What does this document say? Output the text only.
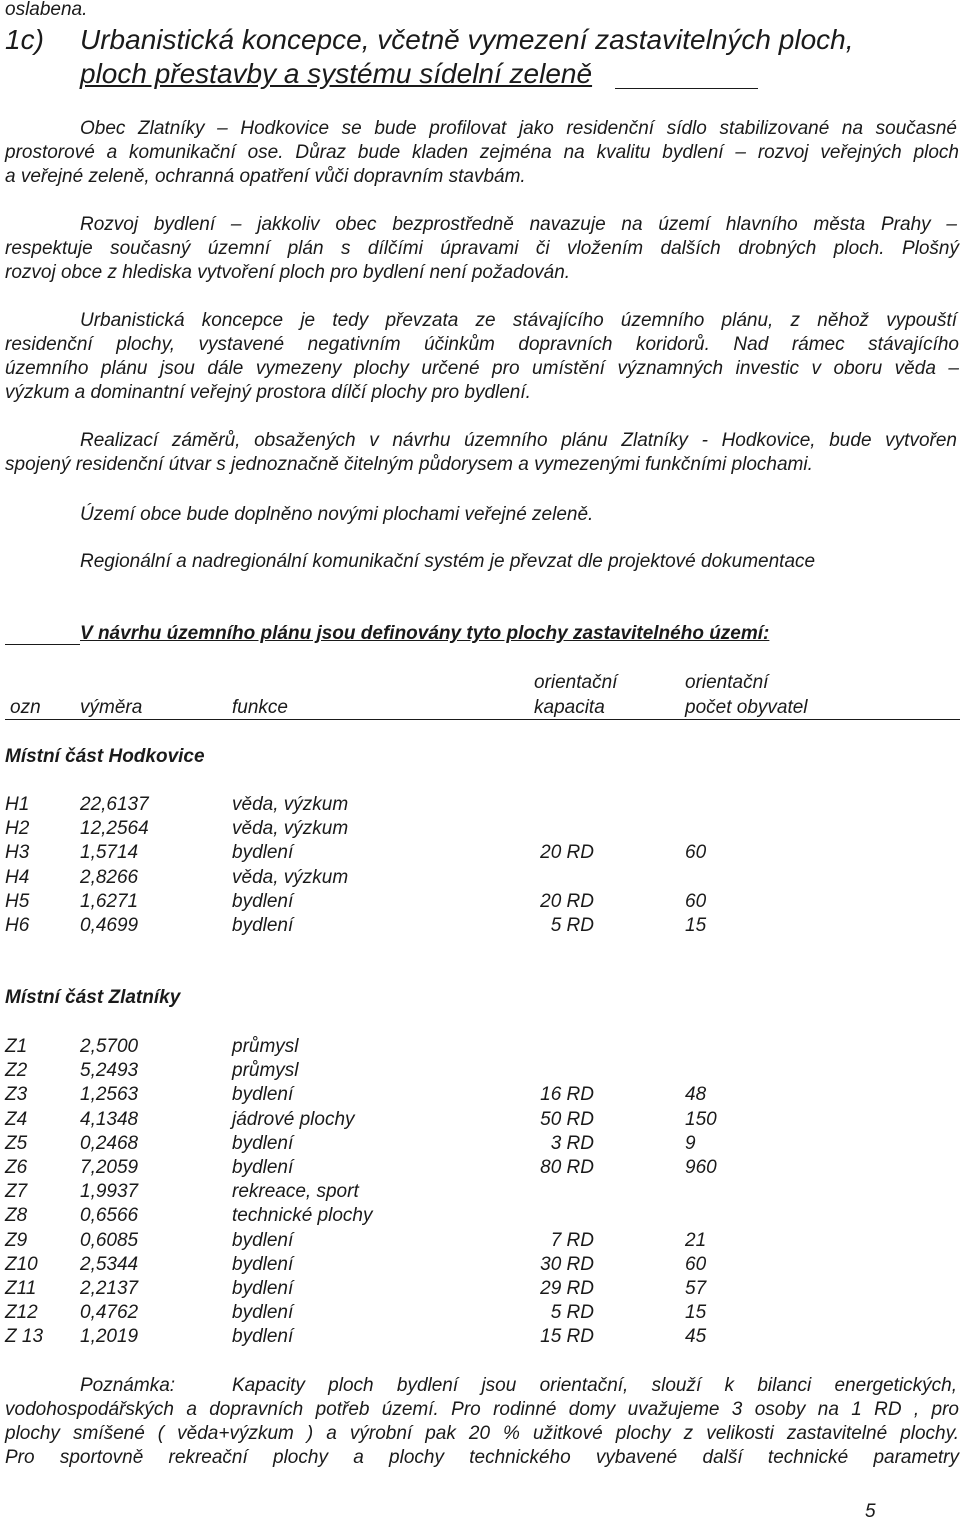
oslabena.
1c) Urbanistická koncepce, včetně vymezení zastavitelných ploch,
ploch přestavby a systému sídelní zeleně
Obec Zlatníky – Hodkovice se bude profilovat jako residenční sídlo stabilizované na současné
prostorové a komunikační ose. Důraz bude kladen zejména na kvalitu bydlení – rozvoj veřejných ploch
a veřejné zeleně, ochranná opatření vůči dopravním stavbám.
Rozvoj bydlení – jakkoliv obec bezprostředně navazuje na území hlavního města Prahy –
respektuje současný územní plán s dílčími úpravami či vložením dalších drobných ploch. Plošný
rozvoj obce z hlediska vytvoření ploch pro bydlení není požadován.
Urbanistická koncepce je tedy převzata ze stávajícího územního plánu, z něhož vypouští
residenční plochy, vystavené negativním účinkům dopravních koridorů. Nad rámec stávajícího
územního plánu jsou dále vymezeny plochy určené pro umístění významných investic v oboru věda –
výzkum a dominantní veřejný prostora dílčí plochy pro bydlení.
Realizací záměrů, obsažených v návrhu územního plánu Zlatníky - Hodkovice, bude vytvořen
spojený residenční útvar s jednoznačně čitelným půdorysem a vymezenými funkčními plochami.
Území obce bude doplněno novými plochami veřejné zeleně.
Regionální a nadregionální komunikační systém je převzat dle projektové dokumentace
V návrhu územního plánu jsou definovány tyto plochy zastavitelného území:
orientační	orientační
ozn výměra	funkce	kapacita	počet obyvatel
Místní část Hodkovice
Místní část Zlatníky
H1	22,6137	věda, výzkum
H2	12,2564	věda, výzkum
H3	1,5714	bydlení	20 RD	60
H4	2,8266	věda, výzkum
H5	1,6271	bydlení	20 RD	60
H6	0,4699	bydlení	5 RD	15
Z1	2,5700	průmysl
Z2	5,2493	průmysl
Z3	1,2563	bydlení	16 RD	48
Z4	4,1348	jádrové plochy	50 RD	150
Z5	0,2468	bydlení	3 RD	9
Z6	7,2059	bydlení	80 RD	960
Z7	1,9937	rekreace, sport
Z8	0,6566	technické plochy
Z9	0,6085	bydlení	7 RD	21
Z10 2,5344	bydlení	30 RD	60
Z11 2,2137	bydlení	29 RD	57
Z12 0,4762	bydlení	5 RD	15
Z 13 1,2019	bydlení	15 RD	45
Poznámka:	Kapacity ploch bydlení jsou orientační, slouží k bilanci energetických,
vodohospodářských a dopravních potřeb území. Pro rodinné domy uvažujeme 3 osoby na 1 RD , pro
plochy smíšené ( věda+výzkum ) a výrobní pak 20 % užitkové plochy z velikosti zastavitelné plochy.
Pro sportovně rekreační plochy a plochy technického vybavené další technické parametry
5
